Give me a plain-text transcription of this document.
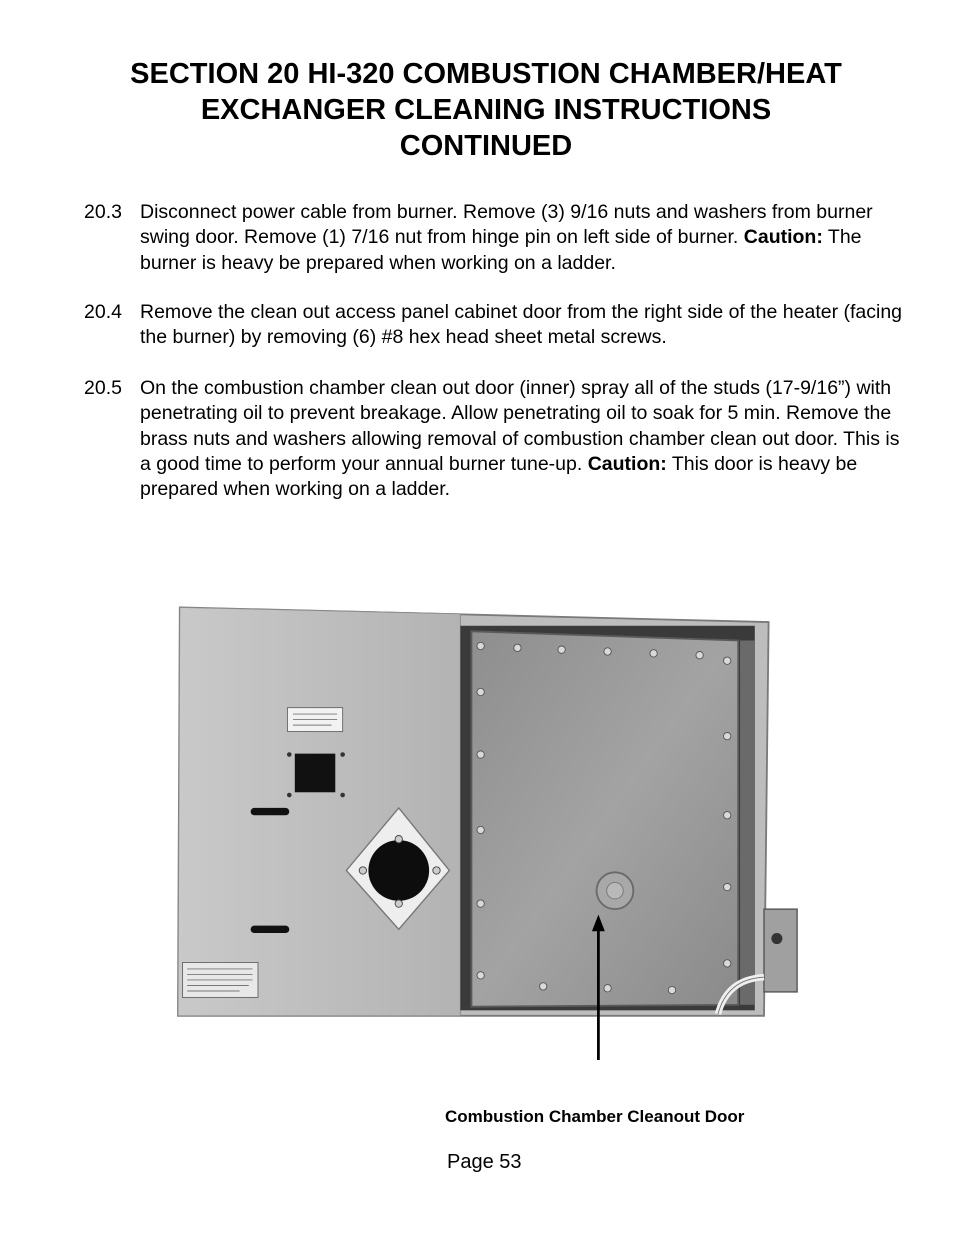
SECTION 20 HI-320 COMBUSTION CHAMBER/HEAT
EXCHANGER CLEANING INSTRUCTIONS
CONTINUED
20.3 Disconnect power cable from burner. Remove (3) 9/16 nuts and washers from burner swing door. Remove (1) 7/16 nut from hinge pin on left side of burner. Caution: The burner is heavy be prepared when working on a ladder.
20.4 Remove the clean out access panel cabinet door from the right side of the heater (facing the burner) by removing (6) #8 hex head sheet metal screws.
20.5 On the combustion chamber clean out door (inner) spray all of the studs (17-9/16”) with penetrating oil to prevent breakage. Allow penetrating oil to soak for 5 min. Remove the brass nuts and washers allowing removal of combustion chamber clean out door. This is a good time to perform your annual burner tune-up. Caution: This door is heavy be prepared when working on a ladder.
Combustion Chamber Cleanout Door
Page 53
